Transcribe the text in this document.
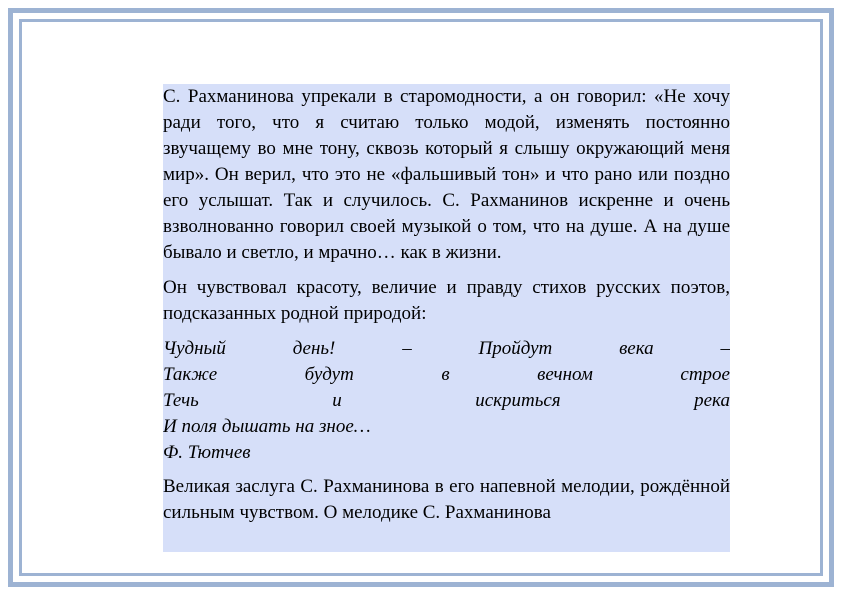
С. Рахманинова упрекали в старомодности, а он говорил: «Не хочу ради того, что я считаю только модой, изменять постоянно звучащему во мне тону, сквозь который я слышу окружающий меня мир». Он верил, что это не «фальшивый тон» и что рано или поздно его услышат. Так и случилось. С. Рахманинов искренне и очень взволнованно говорил своей музыкой о том, что на душе. А на душе бывало и светло, и мрачно… как в жизни.

Он чувствовал красоту, величие и правду стихов русских поэтов, подсказанных родной природой:

Чудный	день!	–	Пройдут	века	–
Также	будут	в	вечном	строе
Течь	и	искриться	река
И поля дышать на зное…
Ф. Тютчев

Великая заслуга С. Рахманинова в его напевной мелодии, рождённой сильным чувством. О мелодике С. Рахманинова
